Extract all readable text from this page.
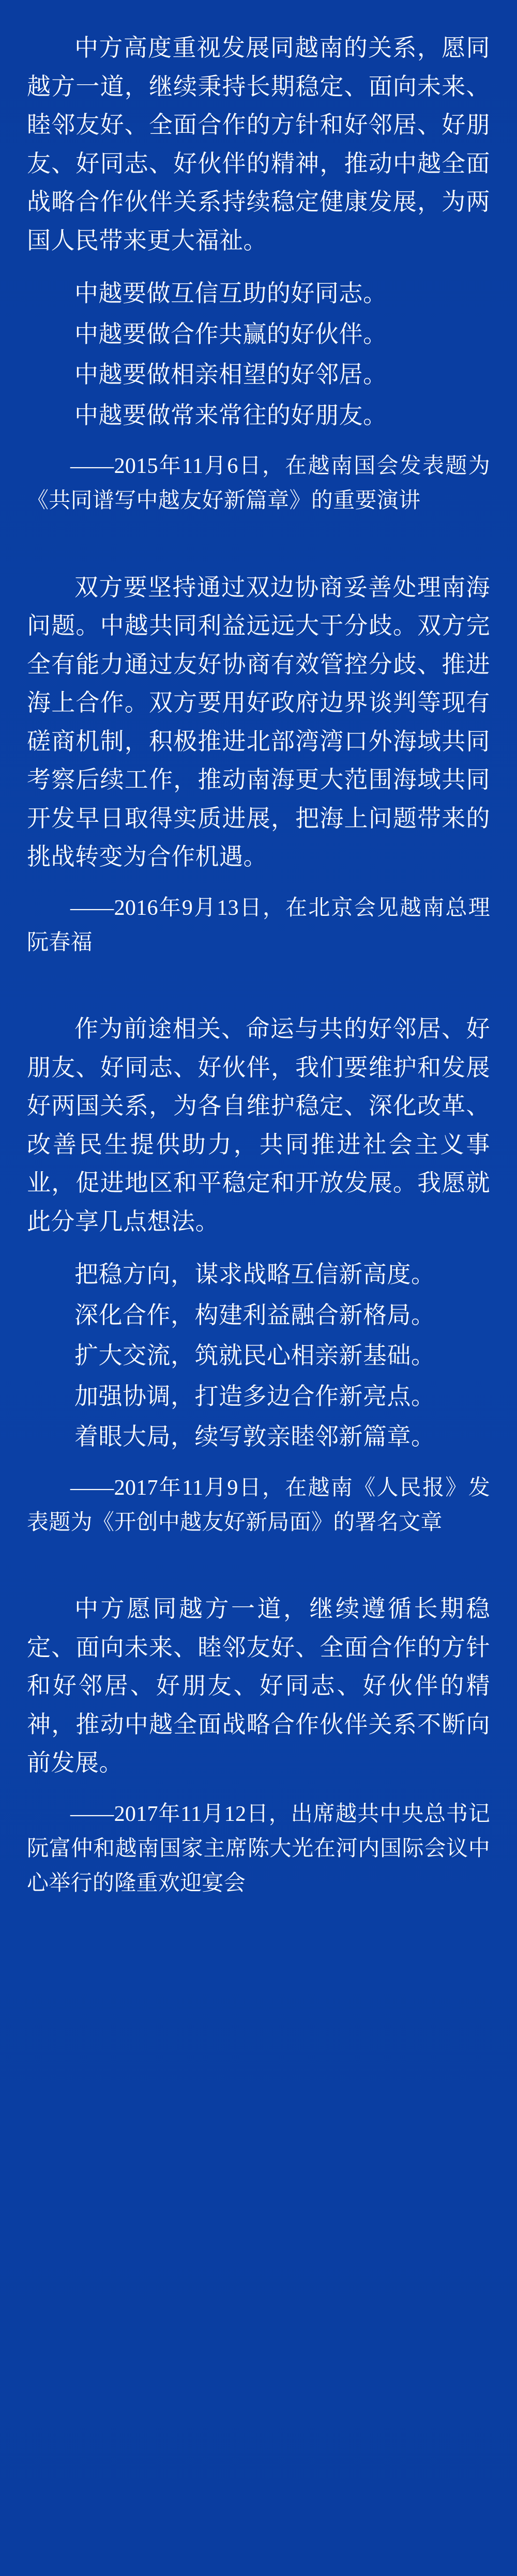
中方高度重视发展同越南的关系，愿同越方一道，继续秉持长期稳定、面向未来、睦邻友好、全面合作的方针和好邻居、好朋友、好同志、好伙伴的精神，推动中越全面战略合作伙伴关系持续稳定健康发展，为两国人民带来更大福祉。

中越要做互信互助的好同志。

中越要做合作共赢的好伙伴。

中越要做相亲相望的好邻居。

中越要做常来常往的好朋友。

——2015年11月6日，在越南国会发表题为《共同谱写中越友好新篇章》的重要演讲

双方要坚持通过双边协商妥善处理南海问题。中越共同利益远远大于分歧。双方完全有能力通过友好协商有效管控分歧、推进海上合作。双方要用好政府边界谈判等现有磋商机制，积极推进北部湾湾口外海域共同考察后续工作，推动南海更大范围海域共同开发早日取得实质进展，把海上问题带来的挑战转变为合作机遇。

——2016年9月13日，在北京会见越南总理阮春福

作为前途相关、命运与共的好邻居、好朋友、好同志、好伙伴，我们要维护和发展好两国关系，为各自维护稳定、深化改革、改善民生提供助力，共同推进社会主义事业，促进地区和平稳定和开放发展。我愿就此分享几点想法。

把稳方向，谋求战略互信新高度。

深化合作，构建利益融合新格局。

扩大交流，筑就民心相亲新基础。

加强协调，打造多边合作新亮点。

着眼大局，续写敦亲睦邻新篇章。

——2017年11月9日，在越南《人民报》发表题为《开创中越友好新局面》的署名文章

中方愿同越方一道，继续遵循长期稳定、面向未来、睦邻友好、全面合作的方针和好邻居、好朋友、好同志、好伙伴的精神，推动中越全面战略合作伙伴关系不断向前发展。

——2017年11月12日，出席越共中央总书记阮富仲和越南国家主席陈大光在河内国际会议中心举行的隆重欢迎宴会
